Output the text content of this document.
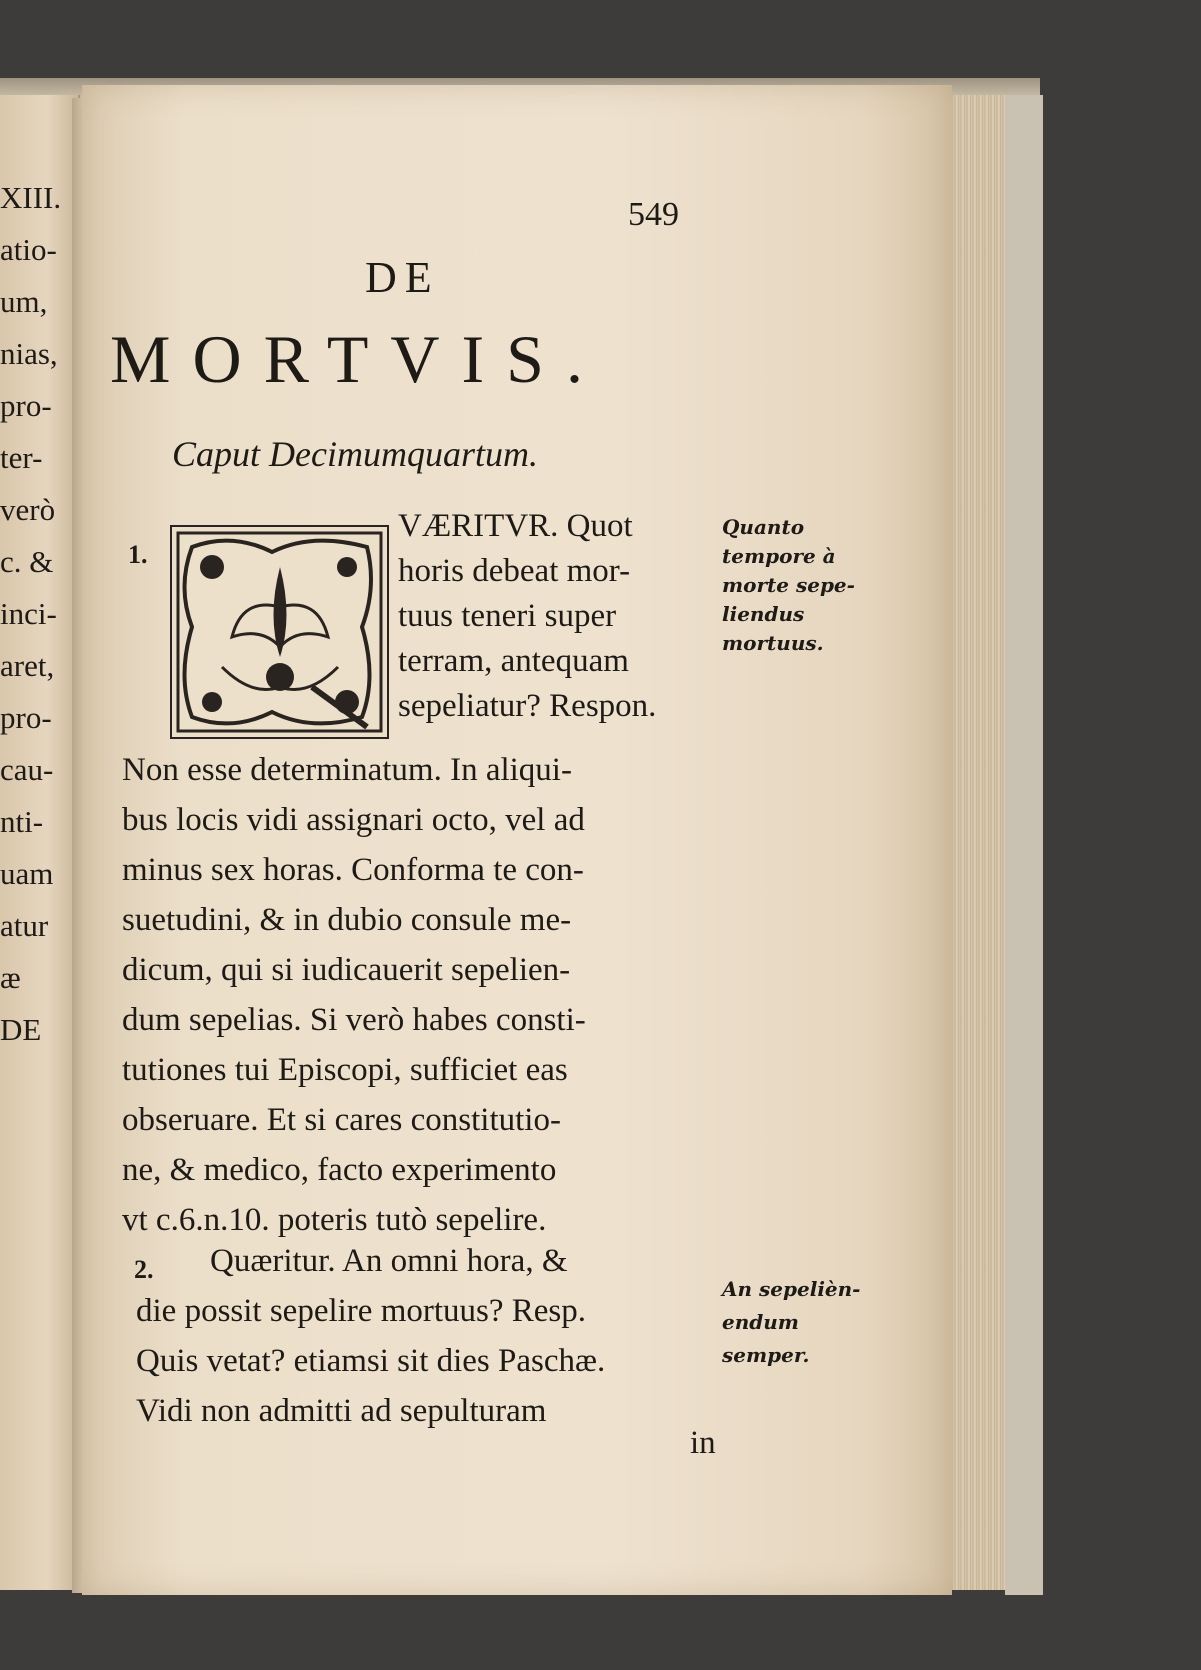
XIII.
atio-
um,
nias,
pro-
ter-
verò
c. &
inci-
aret,
pro-
cau-
nti-
uam
atur
æ
DE
549
DE
MORTVIS.
Caput Decimumquartum.
1.
VÆRITVR. Quot
horis debeat mor-
tuus teneri super
terram, antequam
sepeliatur? Respon.
Non esse determinatum. In aliqui-
bus locis vidi assignari octo, vel ad
minus sex horas. Conforma te con-
suetudini, & in dubio consule me-
dicum, qui si iudicauerit sepelien-
dum sepelias. Si verò habes consti-
tutiones tui Episcopi, sufficiet eas
obseruare. Et si cares constitutio-
ne, & medico, facto experimento
vt c.6.n.10. poteris tutò sepelire.
2. Quæritur. An omni hora, &
die possit sepelire mortuus? Resp.
Quis vetat? etiamsi sit dies Paschæ.
Vidi non admitti ad sepulturam
Quanto
tempore à
morte sepe-
liendus
mortuus.
An sepelièn-
endum
semper.
in
